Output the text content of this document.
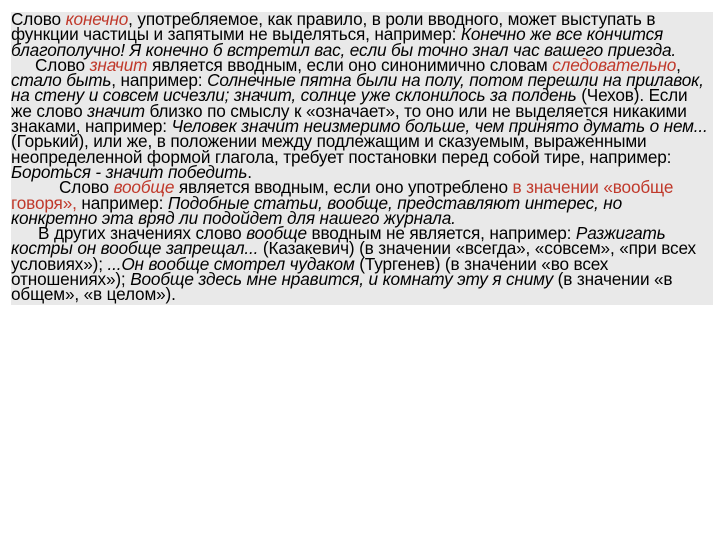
Слово конечно, употребляемое, как правило, в роли вводного, может выступать в функции частицы и запятыми не выделяться, например: Конечно же все кончится благополучно! Я конечно б встретил вас, если бы точно знал час вашего приезда.

Слово значит является вводным, если оно синонимично словам следовательно, стало быть, например: Солнечные пятна были на полу, потом перешли на прилавок, на стену и совсем исчезли; значит, солнце уже склонилось за полдень (Чехов). Если же слово значит близко по смыслу к «означает», то оно или не выделяется никакими знаками, например: Человек значит неизмеримо больше, чем принято думать о нем... (Горький), или же, в положении между подлежащим и сказуемым, выраженными неопределенной формой глагола, требует постановки перед собой тире, например: Бороться - значит победить.

Слово вообще является вводным, если оно употреблено в значении «вообще говоря», например: Подобные статьи, вообще, представляют интерес, но конкретно эта вряд ли подойдет для нашего журнала.

В других значениях слово вообще вводным не является, например: Разжигать костры он вообще запрещал... (Казакевич) (в значении «всегда», «совсем», «при всех условиях»); ...Он вообще смотрел чудаком (Тургенев) (в значении «во всех отношениях»); Вообще здесь мне нравится, и комнату эту я сниму (в значении «в общем», «в целом»).
